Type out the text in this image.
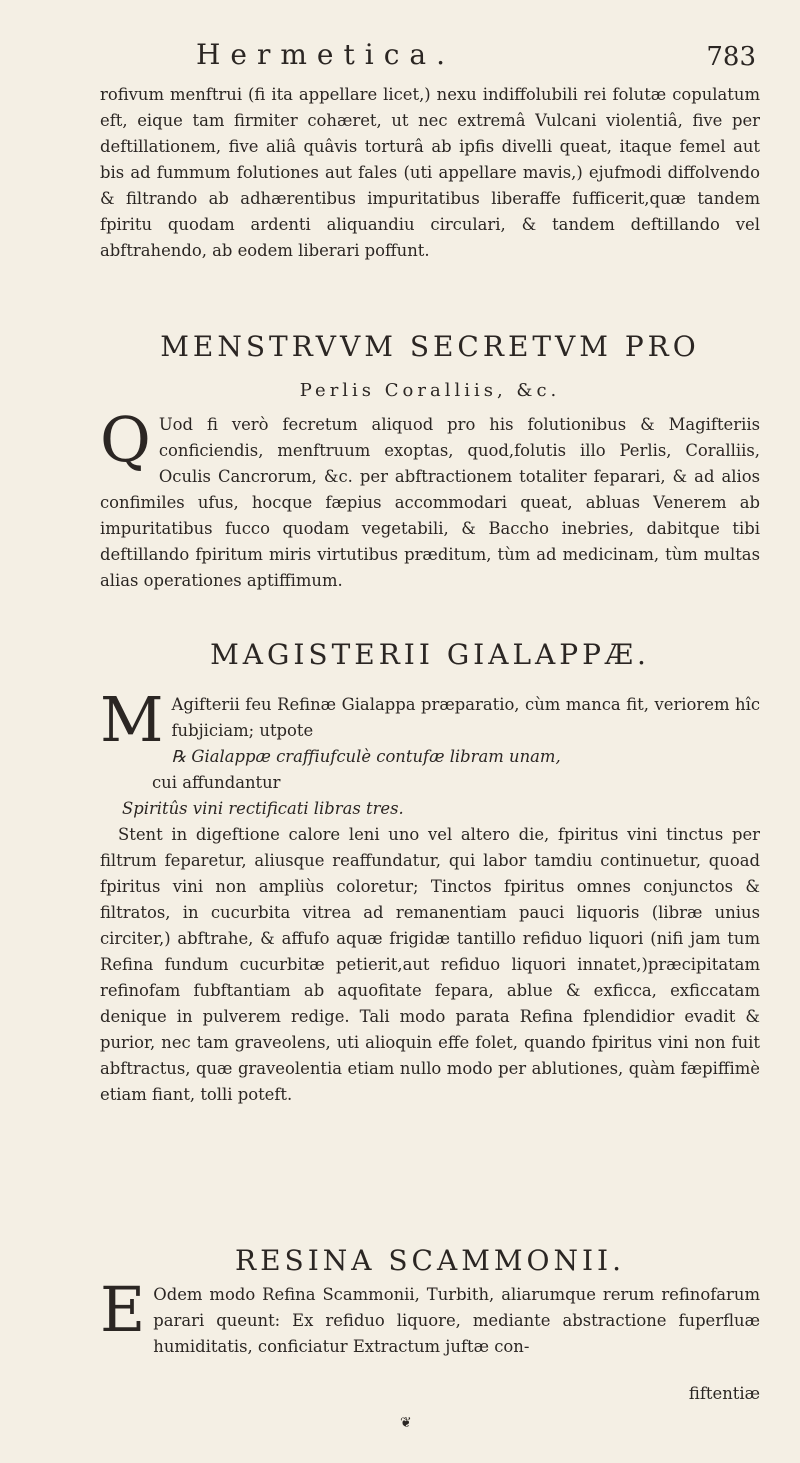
Hermetica.	783

rofivum menftrui (fi ita appellare licet,) nexu indiffolubili rei folutæ copulatum eft, eique tam firmiter cohæret, ut nec extremâ Vulcani violentiâ, five per deftillationem, five aliâ quâvis torturâ ab ipfis divelli queat, itaque femel aut bis ad fummum folutiones aut fales (uti appellare mavis,) ejufmodi diffolvendo & filtrando ab adhærentibus impuritatibus liberaffe fufficerit,quæ tandem fpiritu quodam ardenti aliquandiu circulari, & tandem deftillando vel abftrahendo, ab eodem liberari poffunt.

MENSTRVVM SECRETVM PRO
Perlis Coralliis, &c.
Q Uod fi verò fecretum aliquod pro his folutionibus & Magifteriis conficiendis, menftruum exoptas, quod,folutis illo Perlis, Coralliis, Oculis Cancrorum, &c. per abftractionem totaliter feparari, & ad alios confimiles ufus, hocque fæpius accommodari queat, abluas Venerem ab impuritatibus fucco quodam vegetabili, & Baccho inebries, dabitque tibi deftillando fpiritum miris virtutibus præditum, tùm ad medicinam, tùm multas alias operationes aptiffimum.

MAGISTERII GIALAPPÆ.
M Agifterii feu Refinæ Gialappa præparatio, cùm manca fit, veriorem hîc fubjiciam; utpote

℞ Gialappæ craffiufculè contufæ libram unam,

cui affundantur

Spiritûs vini rectificati libras tres.

Stent in digeftione calore leni uno vel altero die, fpiritus vini tinctus per filtrum feparetur, aliusque reaffundatur, qui labor tamdiu continuetur, quoad fpiritus vini non ampliùs coloretur; Tinctos fpiritus omnes conjunctos & filtratos, in cucurbita vitrea ad remanentiam pauci liquoris (libræ unius circiter,) abftrahe, & affufo aquæ frigidæ tantillo refiduo liquori (nifi jam tum Refina fundum cucurbitæ petierit,aut refiduo liquori innatet,)præcipitatam refinofam fubftantiam ab aquofitate fepara, ablue & exficca, exficcatam denique in pulverem redige. Tali modo parata Refina fplendidior evadit & purior, nec tam graveolens, uti alioquin effe folet, quando fpiritus vini non fuit abftractus, quæ graveolentia etiam nullo modo per ablutiones, quàm fæpiffimè etiam fiant, tolli poteft.

RESINA SCAMMONII.
E Odem modo Refina Scammonii, Turbith, aliarumque rerum refinofarum parari queunt: Ex refiduo liquore, mediante abstractione fuperfluæ humiditatis, conficiatur Extractum juftæ con-

fiftentiæ
❦
